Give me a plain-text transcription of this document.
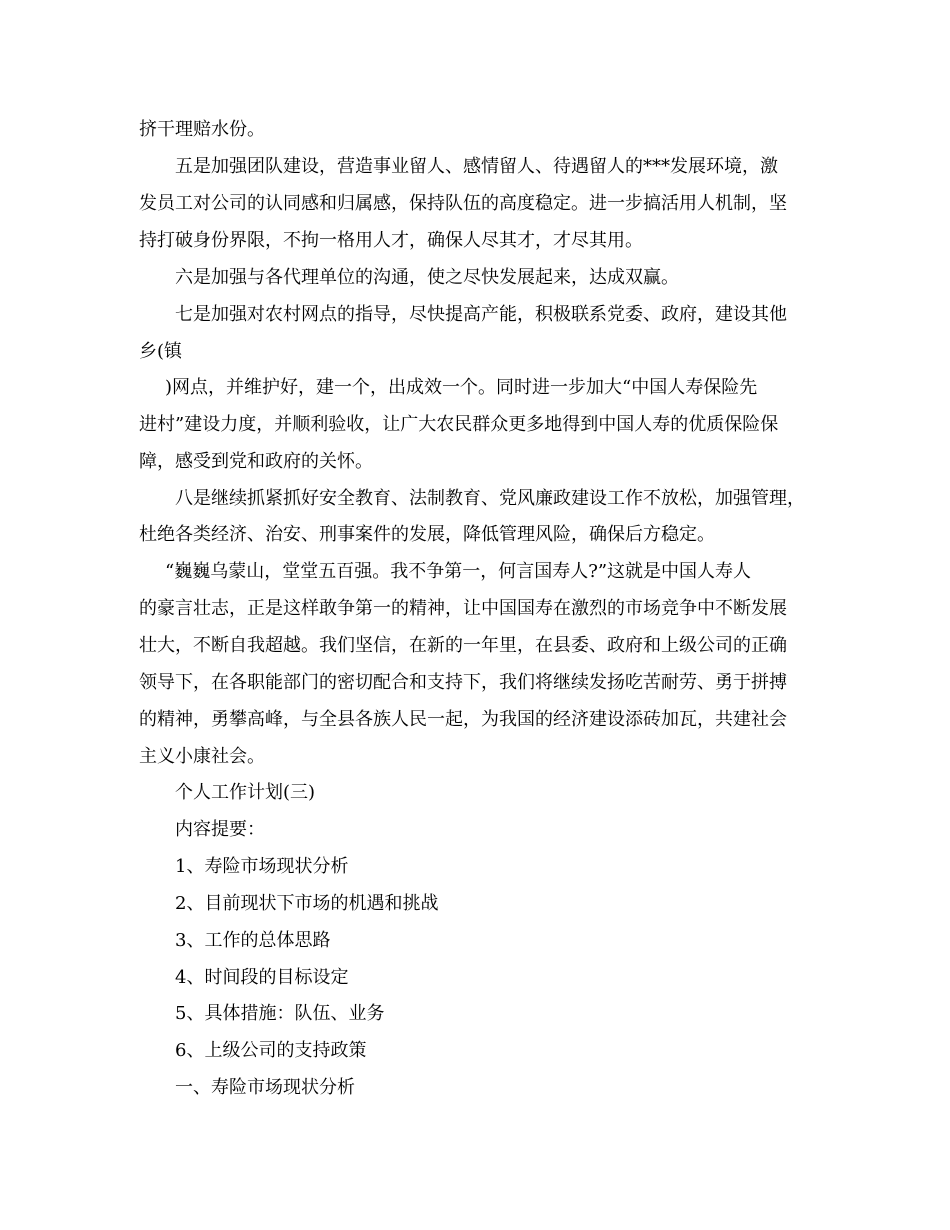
挤干理赔水份。
五是加强团队建设，营造事业留人、感情留人、待遇留人的***发展环境，激
发员工对公司的认同感和归属感，保持队伍的高度稳定。进一步搞活用人机制，坚
持打破身份界限，不拘一格用人才，确保人尽其才，才尽其用。
六是加强与各代理单位的沟通，使之尽快发展起来，达成双赢。
七是加强对农村网点的指导，尽快提高产能，积极联系党委、政府，建设其他
乡(镇
)网点，并维护好，建一个，出成效一个。同时进一步加大“中国人寿保险先
进村”建设力度，并顺利验收，让广大农民群众更多地得到中国人寿的优质保险保
障，感受到党和政府的关怀。
八是继续抓紧抓好安全教育、法制教育、党风廉政建设工作不放松，加强管理，
杜绝各类经济、治安、刑事案件的发展，降低管理风险，确保后方稳定。
“巍巍乌蒙山，堂堂五百强。我不争第一，何言国寿人?”这就是中国人寿人
的豪言壮志，正是这样敢争第一的精神，让中国国寿在激烈的市场竞争中不断发展
壮大，不断自我超越。我们坚信，在新的一年里，在县委、政府和上级公司的正确
领导下，在各职能部门的密切配合和支持下，我们将继续发扬吃苦耐劳、勇于拼搏
的精神，勇攀高峰，与全县各族人民一起，为我国的经济建设添砖加瓦，共建社会
主义小康社会。
个人工作计划(三)
内容提要：
1、寿险市场现状分析
2、目前现状下市场的机遇和挑战
3、工作的总体思路
4、时间段的目标设定
5、具体措施：队伍、业务
6、上级公司的支持政策
一、寿险市场现状分析
